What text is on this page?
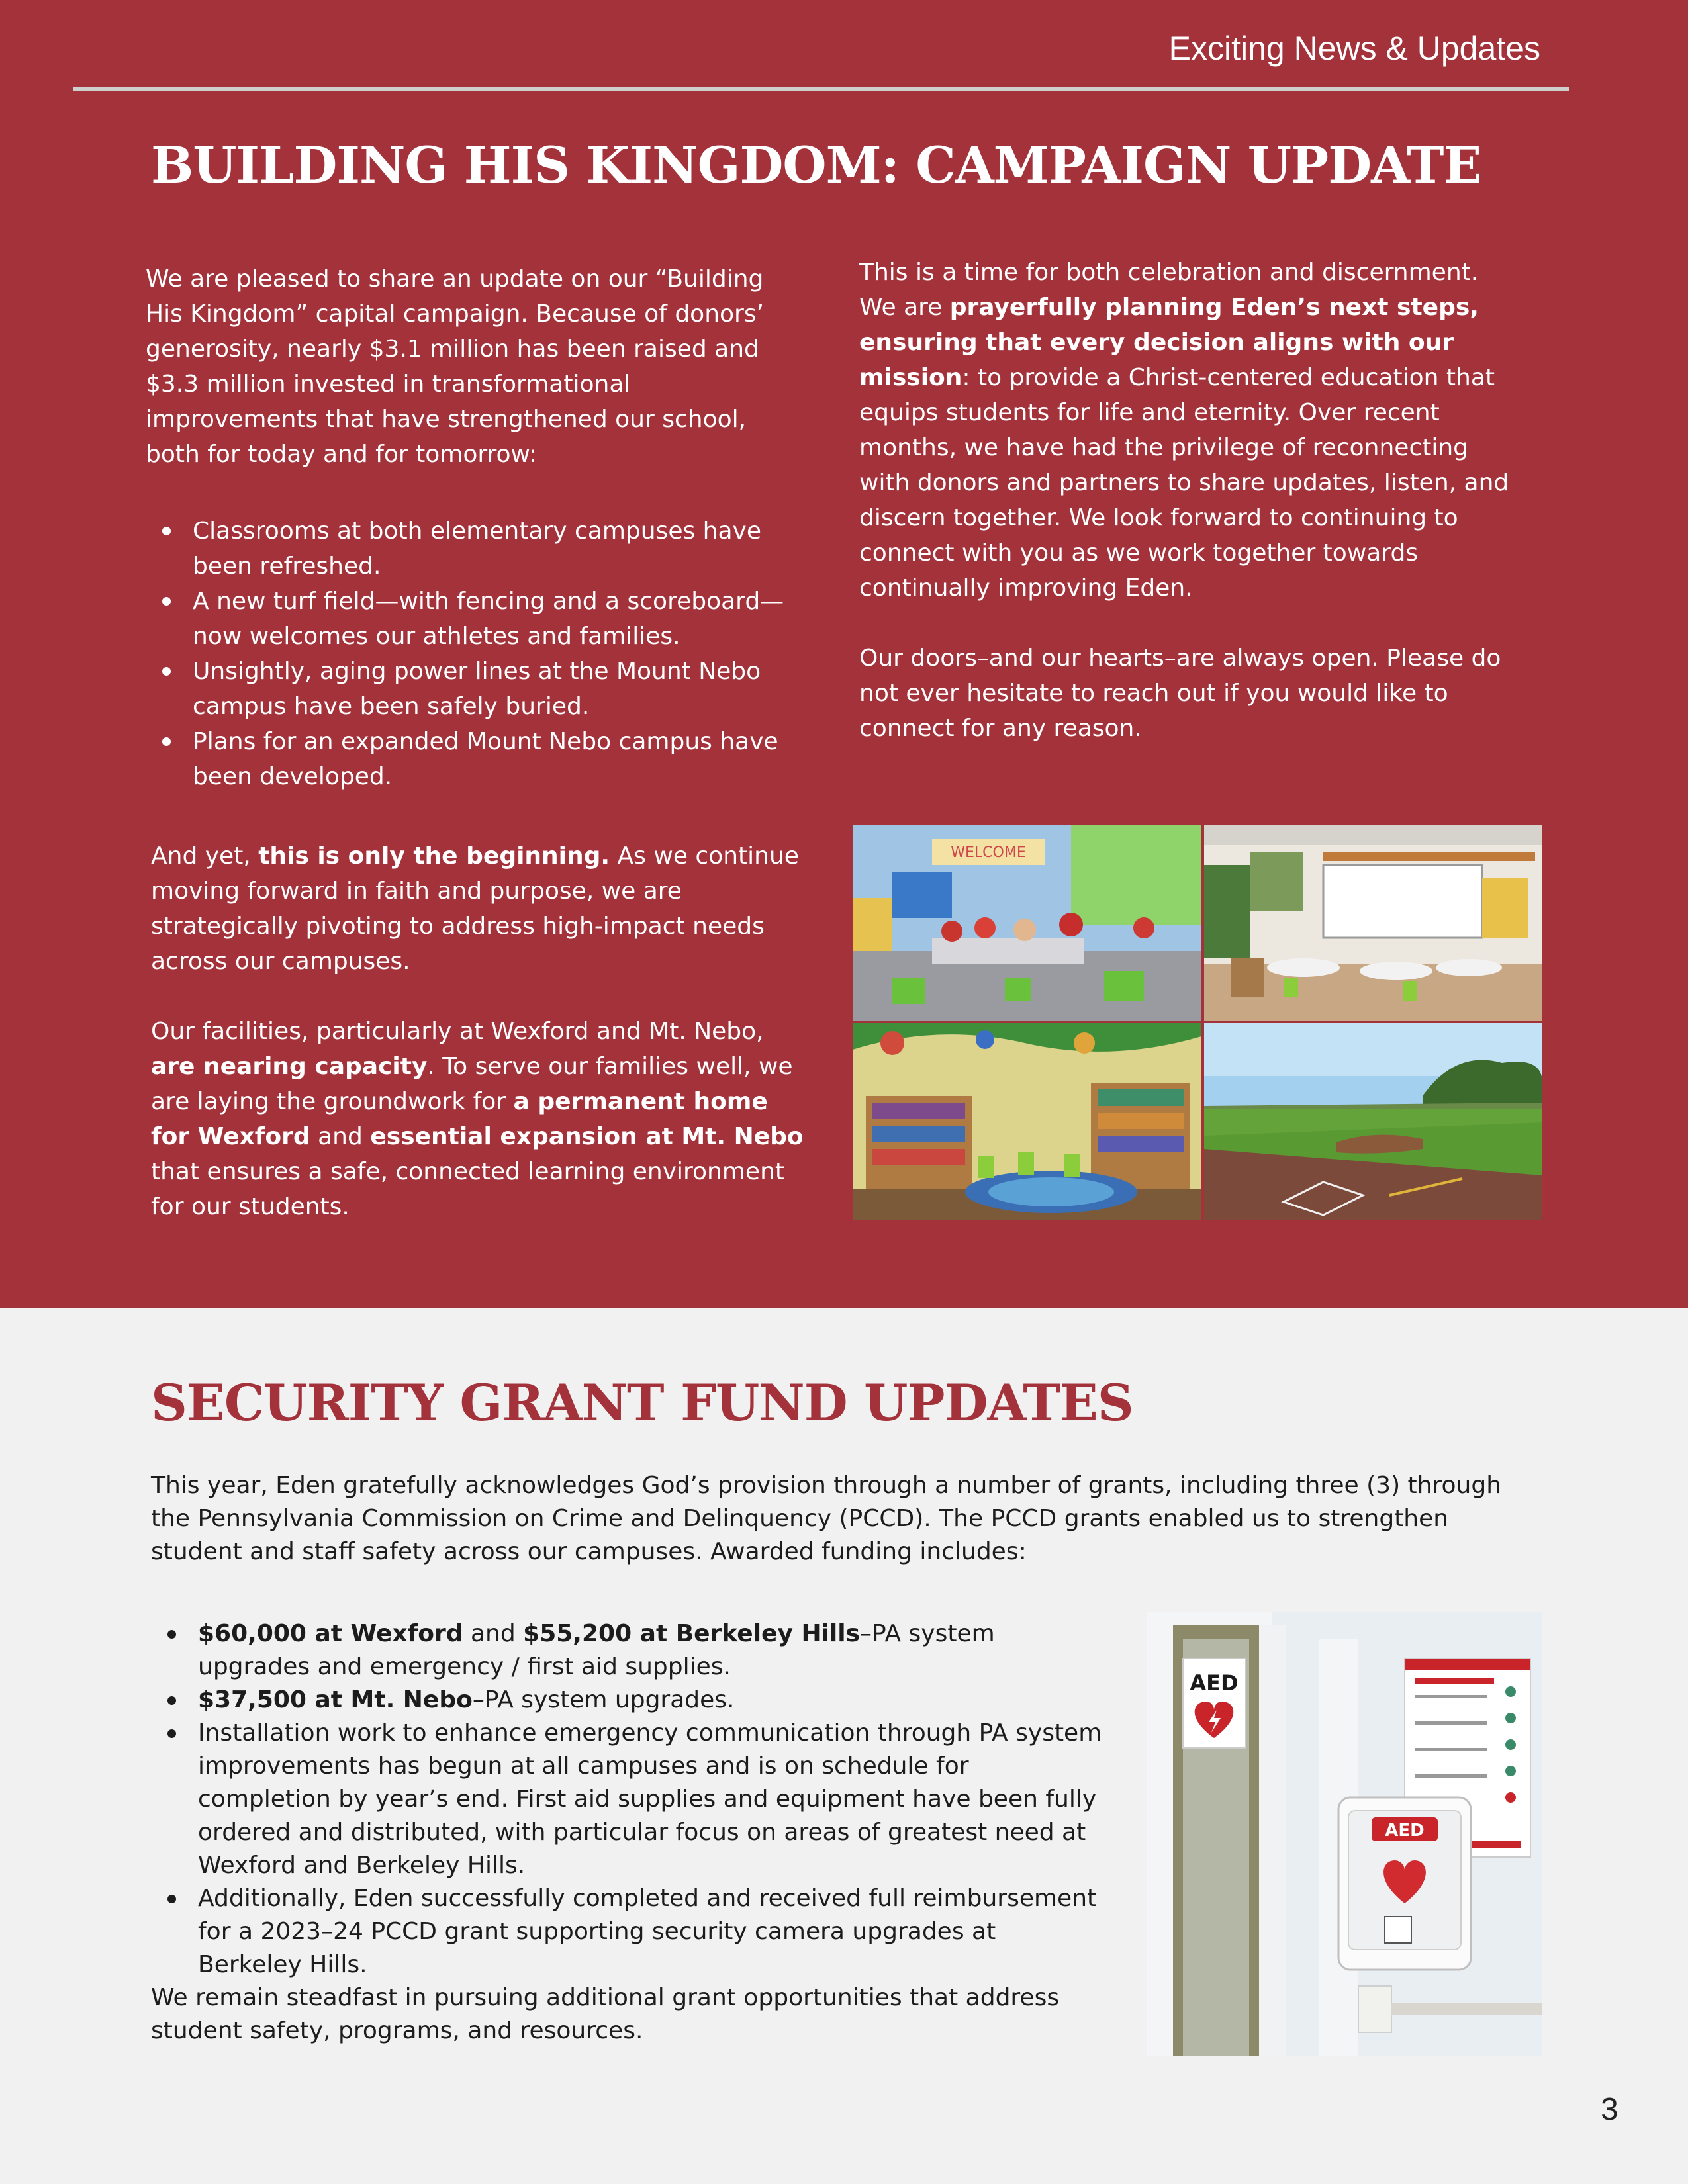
Exciting News & Updates
BUILDING HIS KINGDOM: CAMPAIGN UPDATE

We are pleased to share an update on our “Building His Kingdom” capital campaign. Because of donors’ generosity, nearly $3.1 million has been raised and $3.3 million invested in transformational improvements that have strengthened our school, both for today and for tomorrow:

Classrooms at both elementary campuses have been refreshed.
A new turf field—with fencing and a scoreboard—now welcomes our athletes and families.
Unsightly, aging power lines at the Mount Nebo campus have been safely buried.
Plans for an expanded Mount Nebo campus have been developed.

And yet, this is only the beginning. As we continue moving forward in faith and purpose, we are strategically pivoting to address high-impact needs across our campuses.

Our facilities, particularly at Wexford and Mt. Nebo, are nearing capacity. To serve our families well, we are laying the groundwork for a permanent home for Wexford and essential expansion at Mt. Nebo that ensures a safe, connected learning environment for our students.

This is a time for both celebration and discernment. We are prayerfully planning Eden’s next steps, ensuring that every decision aligns with our mission: to provide a Christ-centered education that equips students for life and eternity. Over recent months, we have had the privilege of reconnecting with donors and partners to share updates, listen, and discern together. We look forward to continuing to connect with you as we work together towards continually improving Eden.

Our doors–and our hearts–are always open. Please do not ever hesitate to reach out if you would like to connect for any reason.

WELCOME
SECURITY GRANT FUND UPDATES

This year, Eden gratefully acknowledges God’s provision through a number of grants, including three (3) through the Pennsylvania Commission on Crime and Delinquency (PCCD). The PCCD grants enabled us to strengthen student and staff safety across our campuses. Awarded funding includes:

$60,000 at Wexford and $55,200 at Berkeley Hills–PA system upgrades and emergency / first aid supplies.
$37,500 at Mt. Nebo–PA system upgrades.
Installation work to enhance emergency communication through PA system improvements has begun at all campuses and is on schedule for completion by year’s end. First aid supplies and equipment have been fully ordered and distributed, with particular focus on areas of greatest need at Wexford and Berkeley Hills.
Additionally, Eden successfully completed and received full reimbursement for a 2023–24 PCCD grant supporting security camera upgrades at Berkeley Hills.

We remain steadfast in pursuing additional grant opportunities that address student safety, programs, and resources.

AED
AED
3
